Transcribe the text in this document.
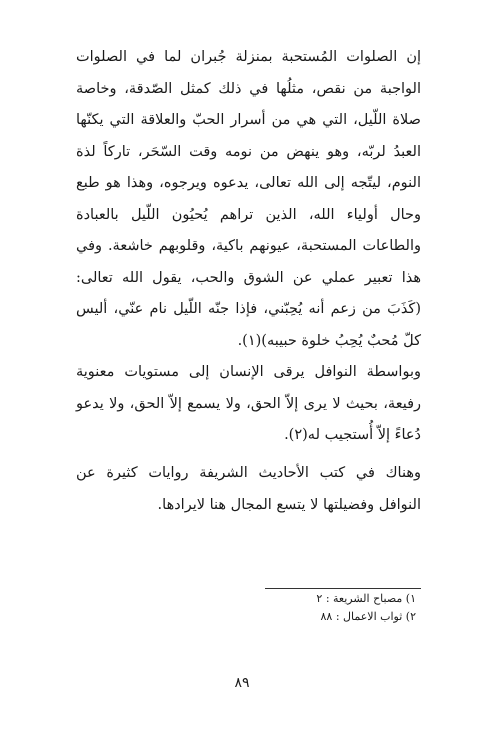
إن الصلوات المُستحبة بمنزلة جُبران لما في الصلوات الواجبة من نقص، مثلُها في ذلك كمثل الصّدقة، وخاصة صلاة اللّيل، التي هي من أسرار الحبّ والعلاقة التي يكنّها العبدُ لربّه، وهو ينهض من نومه وقت السّحَر، تاركاً لذة النوم، ليتّجه إلى الله تعالى، يدعوه ويرجوه، وهذا هو طبع وحال أولياء الله، الذين تراهم يُحيُون اللّيل بالعبادة والطاعات المستحبة، عيونهم باكية، وقلوبهم خاشعة. وفي هذا تعبير عملي عن الشوق والحب، يقول الله تعالى: (كَذَبَ من زعم أنه يُحِبّني، فإذا جنّه اللّيل نام عنّي، أليس كلّ مُحبٌ يُحِبُ خلوة حبيبه)(١).

وبواسطة النوافل يرقى الإنسان إلى مستويات معنوية رفيعة، بحيث لا يرى إلاّ الحق، ولا يسمع إلاّ الحق، ولا يدعو دُعاءً إلاّ أُستجيب له(٢).

وهناك في كتب الأحاديث الشريفة روايات كثيرة عن النوافل وفضيلتها لا يتسع المجال هنا لايرادها.

١) مصباح الشريعة : ٢
٢) ثواب الاعمال : ٨٨
٨٩
